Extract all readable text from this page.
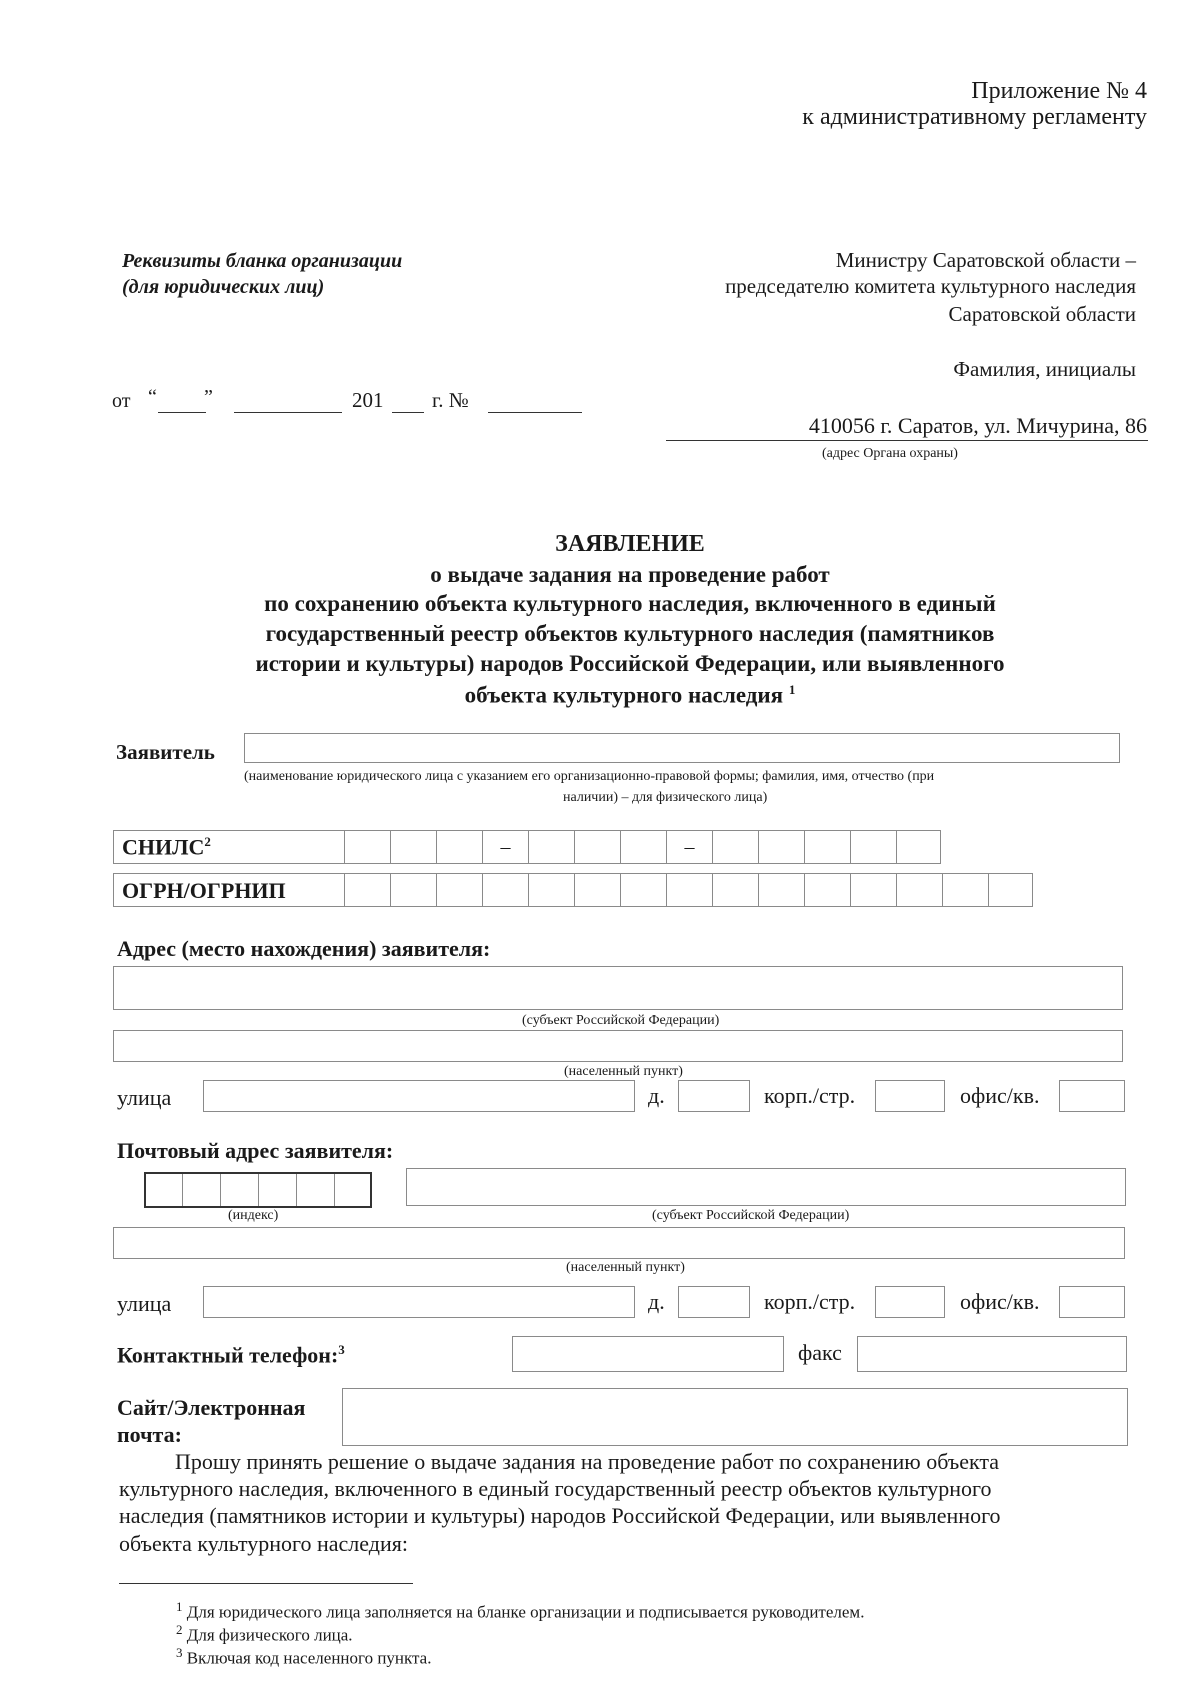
Приложение № 4
к административному регламенту
Реквизиты бланка организации
(для юридических лиц)
Министру Саратовской области –
председателю комитета культурного наследия
Саратовской области
Фамилия, инициалы
410056 г. Саратов, ул. Мичурина, 86
(адрес Органа охраны)
от “ ”	201 г. №
ЗАЯВЛЕНИЕ
о выдаче задания на проведение работ
по сохранению объекта культурного наследия, включенного в единый
государственный реестр объектов культурного наследия (памятников
истории и культуры) народов Российской Федерации, или выявленного
объекта культурного наследия $^1$
Заявитель
(наименование юридического лица с указанием его организационно-правовой формы; фамилия, имя, отчество (при
наличии) – для физического лица)
СНИЛС$^2$	–	–
ОГРН/ОГРНИП
Адрес (место нахождения) заявителя:
(субъект Российской Федерации)
(населенный пункт)
улица	д.	корп./стр.	офис/кв.
Почтовый адрес заявителя:
(индекс)	(субъект Российской Федерации)
(населенный пункт)
улица	д.	корп./стр.	офис/кв.
Контактный телефон:$^3$	факс
Сайт/Электронная
почта:
Прошу принять решение о выдаче задания на проведение работ по сохранению объекта
культурного наследия, включенного в единый государственный реестр объектов культурного
наследия (памятников истории и культуры) народов Российской Федерации, или выявленного
объекта культурного наследия:
$^1$ Для юридического лица заполняется на бланке организации и подписывается руководителем.
$^2$ Для физического лица.
$^3$ Включая код населенного пункта.
